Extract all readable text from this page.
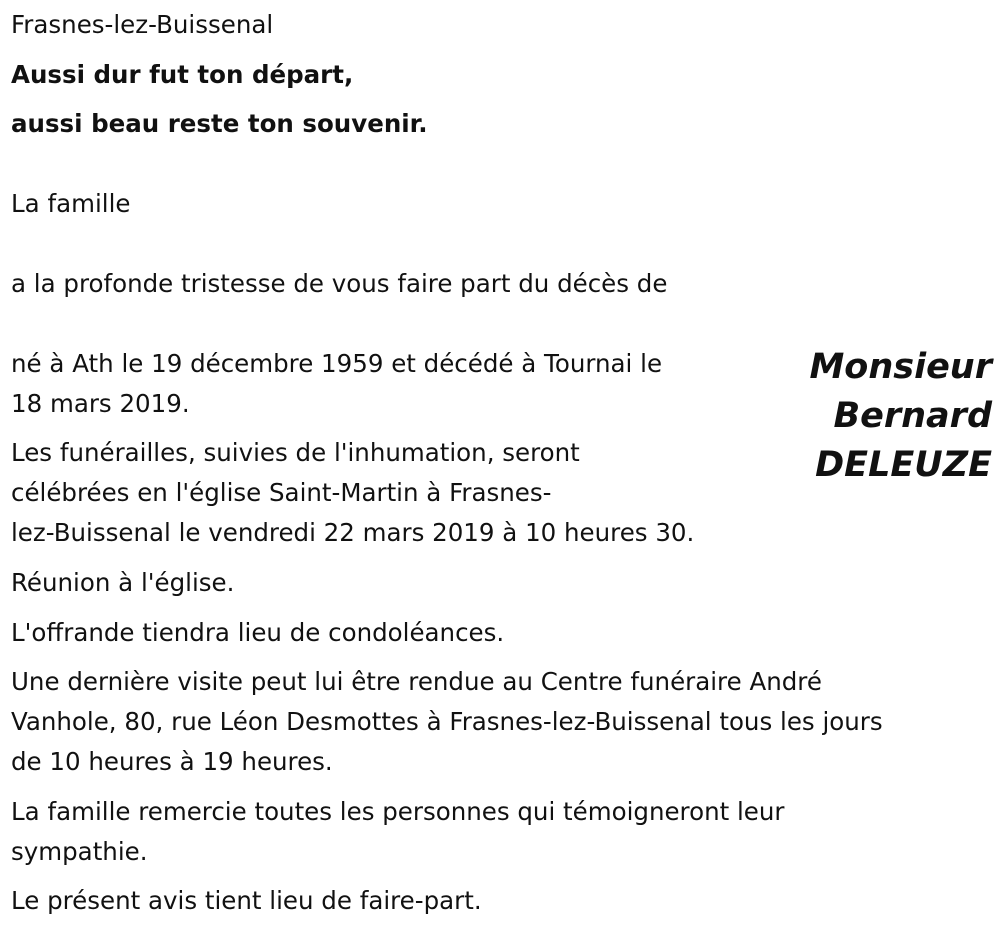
Frasnes-lez-Buissenal

Aussi dur fut ton départ,

aussi beau reste ton souvenir.

La famille

a la profonde tristesse de vous faire part du décès de

Monsieur
Bernard
DELEUZE

né à Ath le 19 décembre 1959 et décédé à Tournai le

18 mars 2019.

Les funérailles, suivies de l'inhumation, seront

célébrées en l'église Saint-Martin à Frasnes-

lez-Buissenal le vendredi 22 mars 2019 à 10 heures 30.

Réunion à l'église.

L'offrande tiendra lieu de condoléances.

Une dernière visite peut lui être rendue au Centre funéraire André

Vanhole, 80, rue Léon Desmottes à Frasnes-lez-Buissenal tous les jours

de 10 heures à 19 heures.

La famille remercie toutes les personnes qui témoigneront leur

sympathie.

Le présent avis tient lieu de faire-part.
